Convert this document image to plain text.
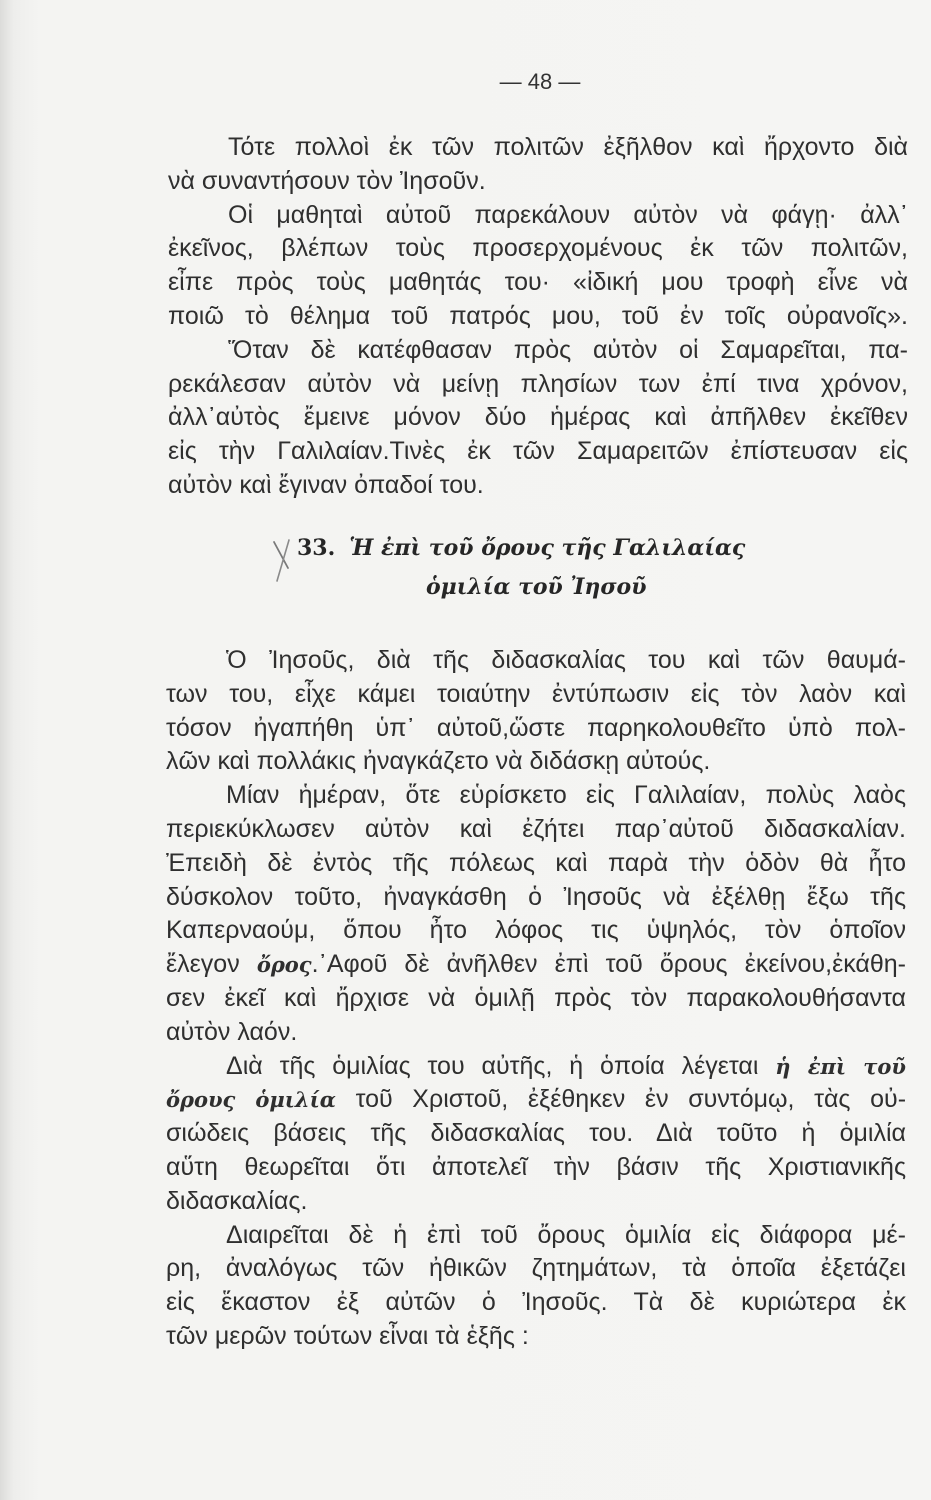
— 48 —
Τότε πολλοὶ ἐκ τῶν πολιτῶν ἐξῆλθον καὶ ἤρχοντο διὰ
νὰ συναντήσουν τὸν Ἰησοῦν.
Οἱ μαθηταὶ αὐτοῦ παρεκάλουν αὐτὸν νὰ φάγῃ· ἀλλ᾽
ἐκεῖνος, βλέπων τοὺς προσερχομένους ἐκ τῶν πολιτῶν,
εἶπε πρὸς τοὺς μαθητάς του· «ἰδική μου τροφὴ εἶνε νὰ
ποιῶ τὸ θέλημα τοῦ πατρός μου, τοῦ ἐν τοῖς οὐρανοῖς».
Ὅταν δὲ κατέφθασαν πρὸς αὐτὸν οἱ Σαμαρεῖται, πα-
ρεκάλεσαν αὐτὸν νὰ μείνῃ πλησίων των ἐπί τινα χρόνον,
ἀλλ᾽αὐτὸς ἔμεινε μόνον δύο ἡμέρας καὶ ἀπῆλθεν ἐκεῖθεν
εἰς τὴν Γαλιλαίαν.Τινὲς ἐκ τῶν Σαμαρειτῶν ἐπίστευσαν εἰς
αὐτὸν καὶ ἔγιναν ὀπαδοί του.
33. Ἡ ἐπὶ τοῦ ὄρους τῆς Γαλιλαίας
ὁμιλία τοῦ Ἰησοῦ
Ὁ Ἰησοῦς, διὰ τῆς διδασκαλίας του καὶ τῶν θαυμά-
των του, εἶχε κάμει τοιαύτην ἐντύπωσιν εἰς τὸν λαὸν καὶ
τόσον ἠγαπήθη ὑπ᾽ αὐτοῦ,ὥστε παρηκολουθεῖτο ὑπὸ πολ-
λῶν καὶ πολλάκις ἠναγκάζετο νὰ διδάσκῃ αὐτούς.
Μίαν ἡμέραν, ὅτε εὑρίσκετο εἰς Γαλιλαίαν, πολὺς λαὸς
περιεκύκλωσεν αὐτὸν καὶ ἐζήτει παρ᾽αὐτοῦ διδασκαλίαν.
Ἐπειδὴ δὲ ἐντὸς τῆς πόλεως καὶ παρὰ τὴν ὁδὸν θὰ ἦτο
δύσκολον τοῦτο, ἠναγκάσθη ὁ Ἰησοῦς νὰ ἐξέλθῃ ἔξω τῆς
Καπερναούμ, ὅπου ἦτο λόφος τις ὑψηλός, τὸν ὁποῖον
ἔλεγον ὄρος.᾽Αφοῦ δὲ ἀνῆλθεν ἐπὶ τοῦ ὄρους ἐκείνου,ἐκάθη-
σεν ἐκεῖ καὶ ἤρχισε νὰ ὁμιλῇ πρὸς τὸν παρακολουθήσαντα
αὐτὸν λαόν.
Διὰ τῆς ὁμιλίας του αὐτῆς, ἡ ὁποία λέγεται ἡ ἐπὶ τοῦ
ὄρους ὁμιλία τοῦ Χριστοῦ, ἐξέθηκεν ἐν συντόμῳ, τὰς οὐ-
σιώδεις βάσεις τῆς διδασκαλίας του. Διὰ τοῦτο ἡ ὁμιλία
αὕτη θεωρεῖται ὅτι ἀποτελεῖ τὴν βάσιν τῆς Χριστιανικῆς
διδασκαλίας.
Διαιρεῖται δὲ ἡ ἐπὶ τοῦ ὄρους ὁμιλία εἰς διάφορα μέ-
ρη, ἀναλόγως τῶν ἠθικῶν ζητημάτων, τὰ ὁποῖα ἐξετάζει
εἰς ἕκαστον ἐξ αὐτῶν ὁ Ἰησοῦς. Τὰ δὲ κυριώτερα ἐκ
τῶν μερῶν τούτων εἶναι τὰ ἑξῆς :
